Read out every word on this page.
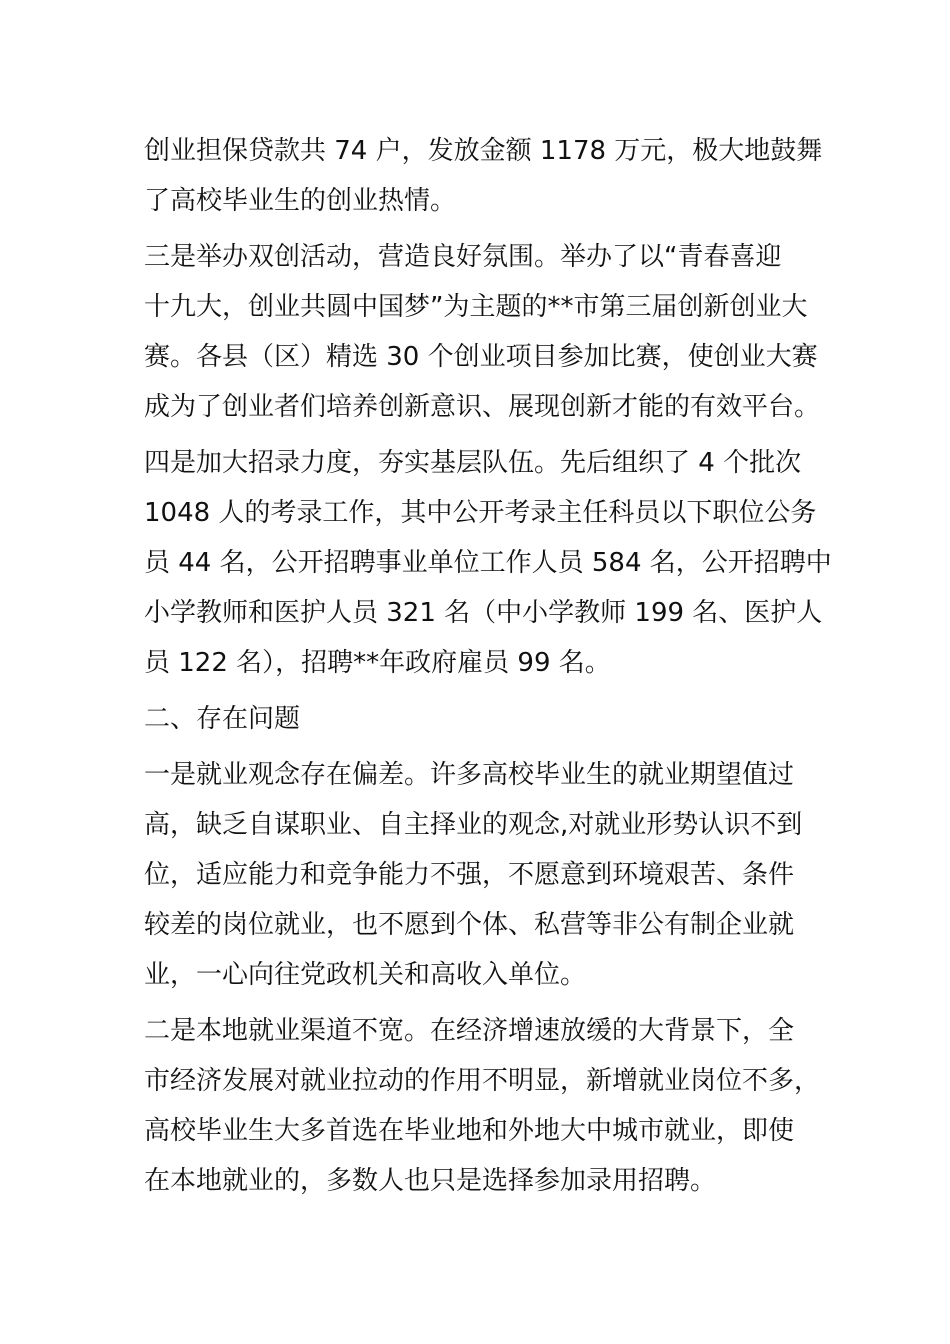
创业担保贷款共 74 户，发放金额 1178 万元，极大地鼓舞
了高校毕业生的创业热情。
三是举办双创活动，营造良好氛围。举办了以“青春喜迎
十九大，创业共圆中国梦”为主题的**市第三届创新创业大
赛。各县（区）精选 30 个创业项目参加比赛，使创业大赛
成为了创业者们培养创新意识、展现创新才能的有效平台。
四是加大招录力度，夯实基层队伍。先后组织了 4 个批次
1048 人的考录工作，其中公开考录主任科员以下职位公务
员 44 名，公开招聘事业单位工作人员 584 名，公开招聘中
小学教师和医护人员 321 名（中小学教师 199 名、医护人
员 122 名），招聘**年政府雇员 99 名。
二、存在问题
一是就业观念存在偏差。许多高校毕业生的就业期望值过
高，缺乏自谋职业、自主择业的观念,对就业形势认识不到
位，适应能力和竞争能力不强，不愿意到环境艰苦、条件
较差的岗位就业，也不愿到个体、私营等非公有制企业就
业，一心向往党政机关和高收入单位。
二是本地就业渠道不宽。在经济增速放缓的大背景下，全
市经济发展对就业拉动的作用不明显，新增就业岗位不多，
高校毕业生大多首选在毕业地和外地大中城市就业，即使
在本地就业的，多数人也只是选择参加录用招聘。
